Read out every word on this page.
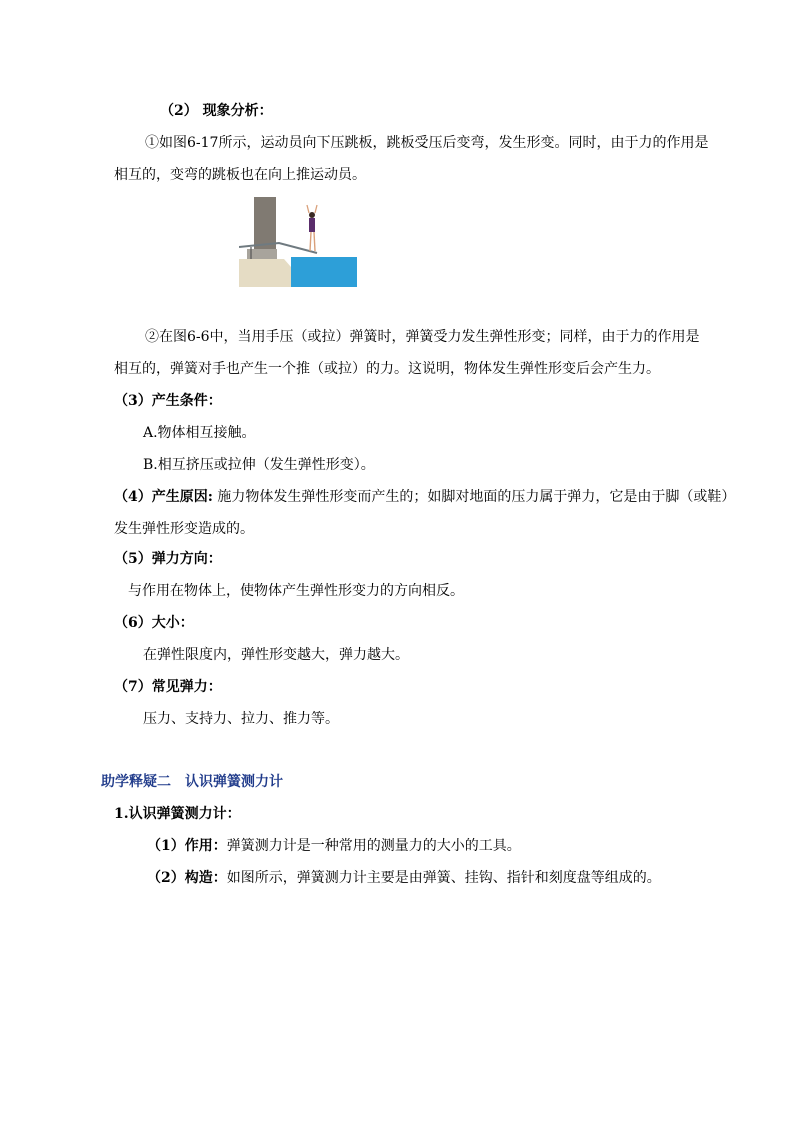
（2） 现象分析：
①如图6-17所示，运动员向下压跳板，跳板受压后变弯，发生形变。同时，由于力的作用是
相互的，变弯的跳板也在向上推运动员。
②在图6-6中，当用手压（或拉）弹簧时，弹簧受力发生弹性形变；同样，由于力的作用是
相互的，弹簧对手也产生一个推（或拉）的力。这说明，物体发生弹性形变后会产生力。
（3）产生条件：
A.物体相互接触。
B.相互挤压或拉伸（发生弹性形变）。
（4）产生原因: 施力物体发生弹性形变而产生的；如脚对地面的压力属于弹力，它是由于脚（或鞋）
发生弹性形变造成的。
（5）弹力方向：
与作用在物体上，使物体产生弹性形变力的方向相反。
（6）大小：
在弹性限度内，弹性形变越大，弹力越大。
（7）常见弹力：
压力、支持力、拉力、推力等。
助学释疑二　认识弹簧测力计
1.认识弹簧测力计：
（1）作用：弹簧测力计是一种常用的测量力的大小的工具。
（2）构造：如图所示，弹簧测力计主要是由弹簧、挂钩、指针和刻度盘等组成的。
